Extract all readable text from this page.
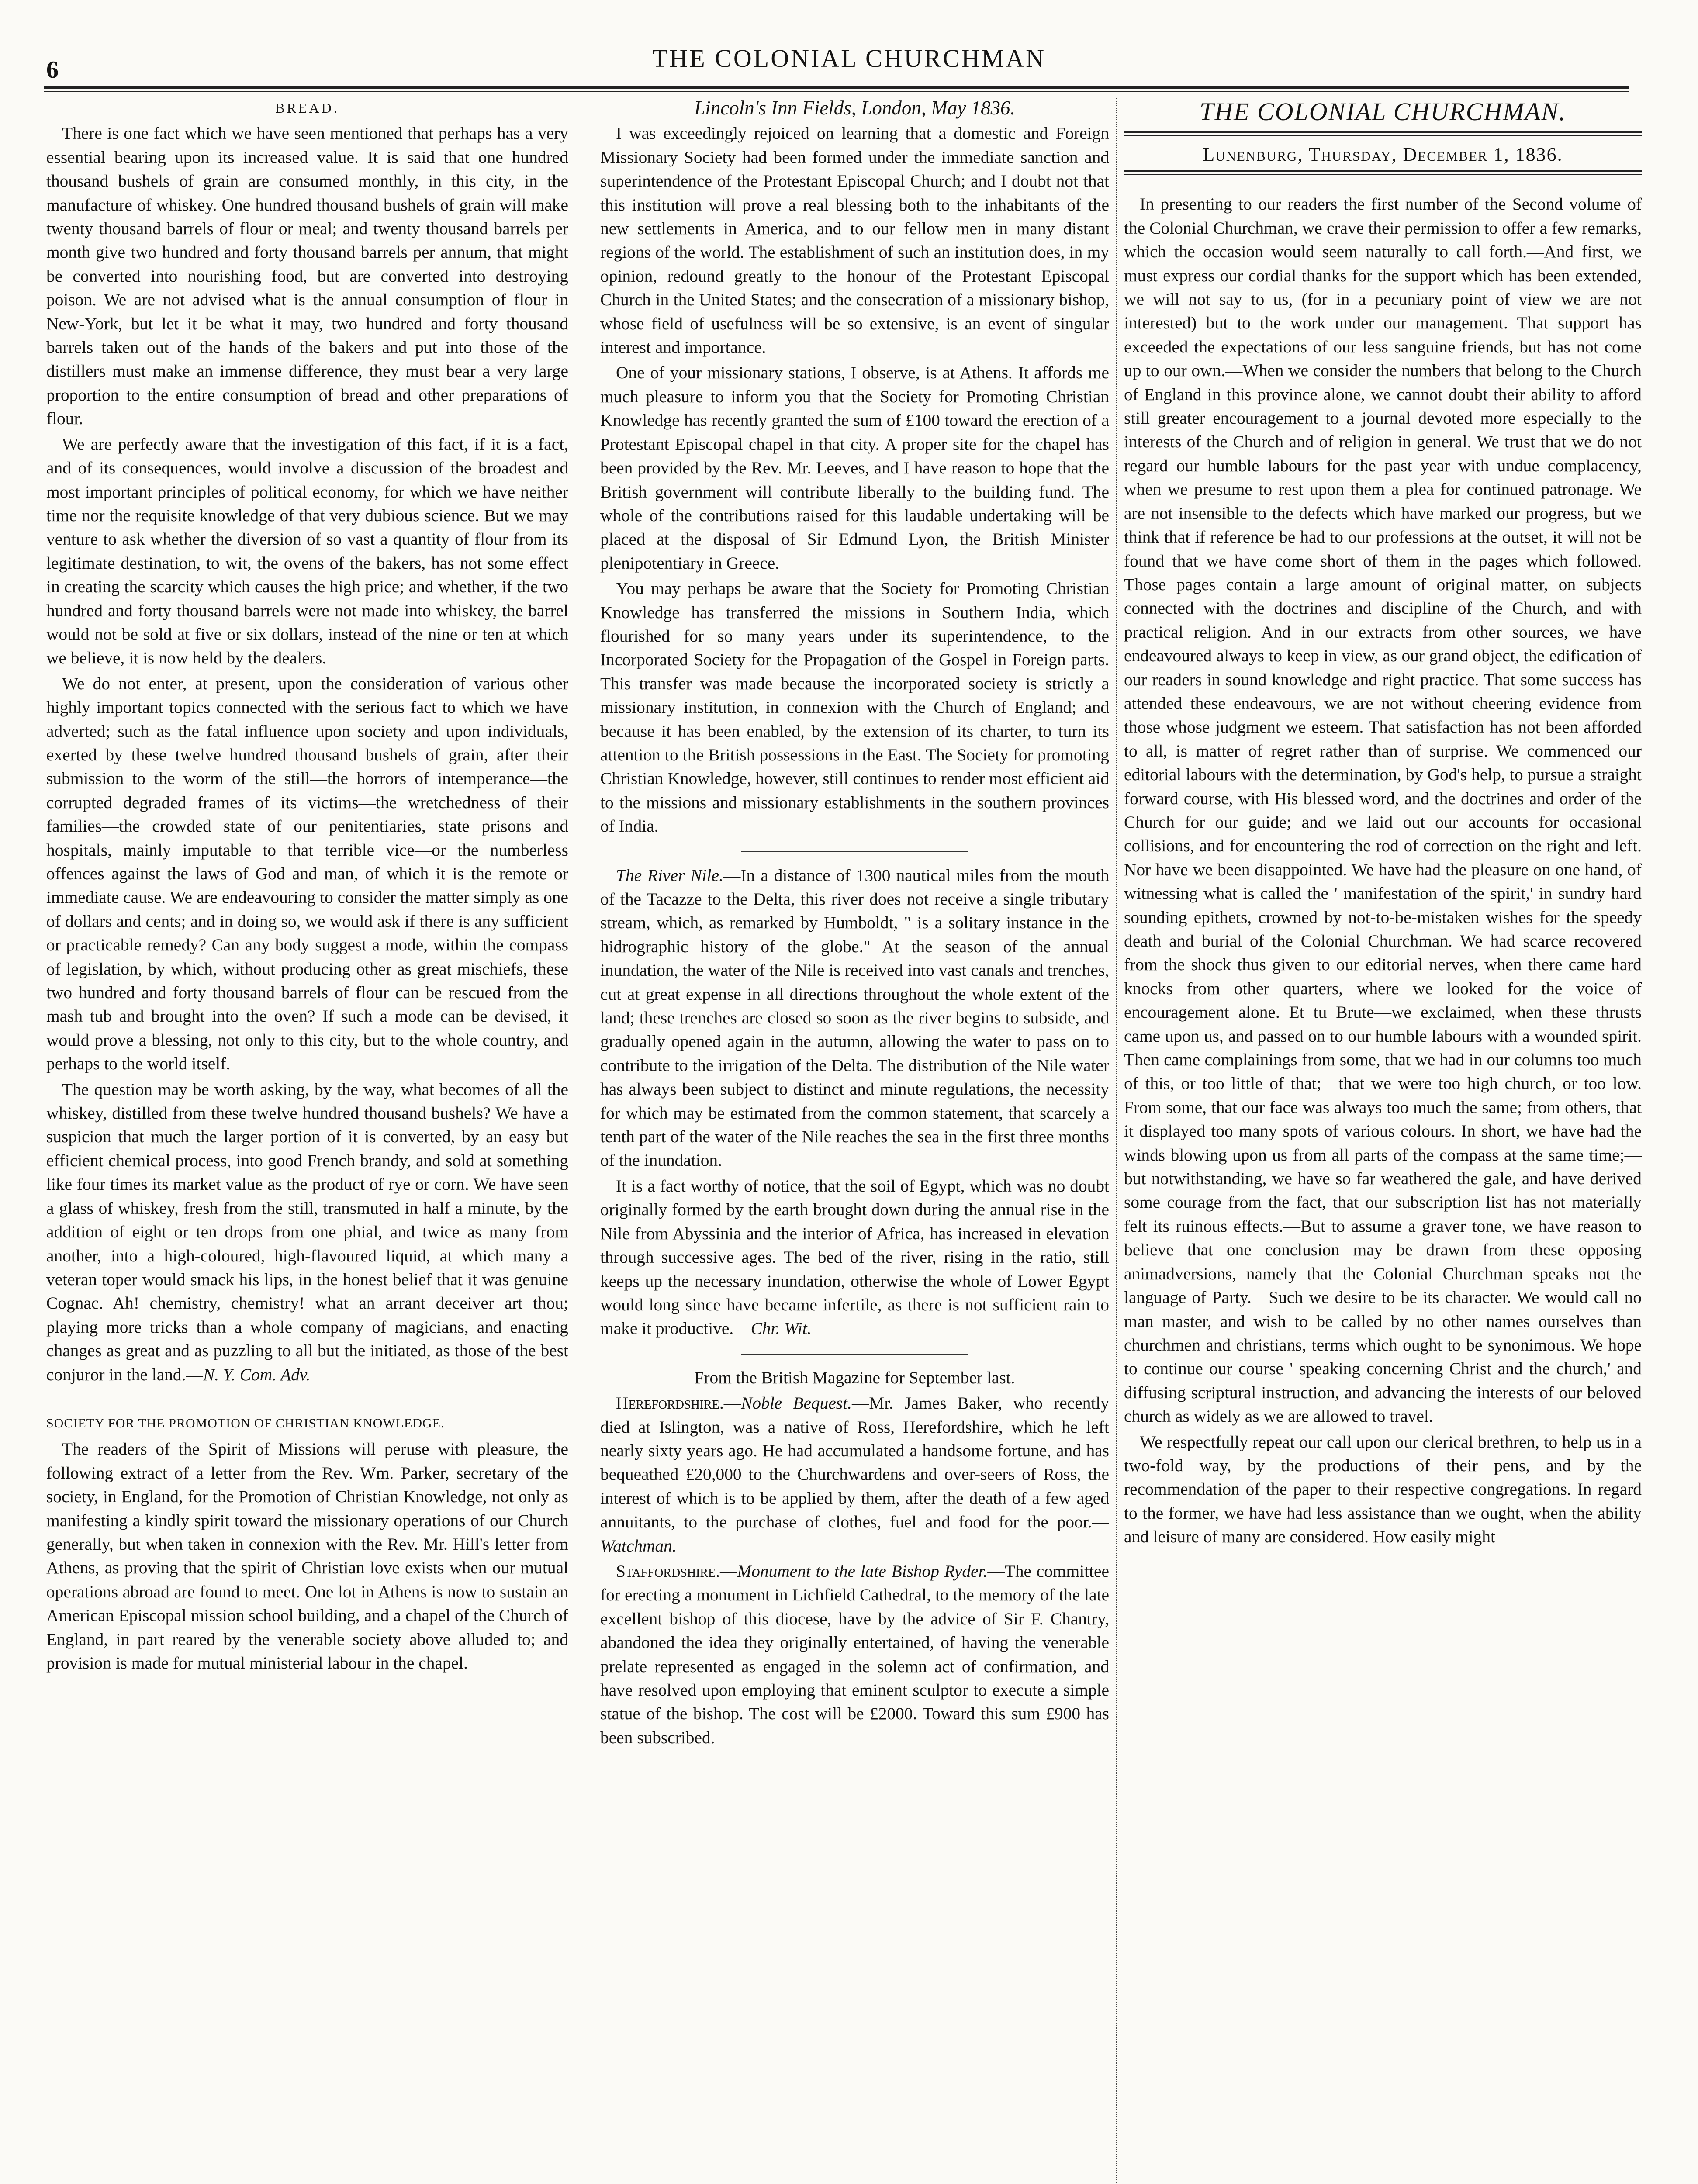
6	THE COLONIAL CHURCHMAN

BREAD.

There is one fact which we have seen mentioned that perhaps has a very essential bearing upon its increased value. It is said that one hundred thousand bushels of grain are consumed monthly, in this city, in the manufacture of whiskey. One hundred thousand bushels of grain will make twenty thousand barrels of flour or meal; and twenty thousand barrels per month give two hundred and forty thousand barrels per annum, that might be converted into nourishing food, but are converted into destroying poison. We are not advised what is the annual consumption of flour in New-York, but let it be what it may, two hundred and forty thousand barrels taken out of the hands of the bakers and put into those of the distillers must make an immense difference, they must bear a very large proportion to the entire consumption of bread and other preparations of flour.

We are perfectly aware that the investigation of this fact, if it is a fact, and of its consequences, would involve a discussion of the broadest and most important principles of political economy, for which we have neither time nor the requisite knowledge of that very dubious science. But we may venture to ask whether the diversion of so vast a quantity of flour from its legitimate destination, to wit, the ovens of the bakers, has not some effect in creating the scarcity which causes the high price; and whether, if the two hundred and forty thousand barrels were not made into whiskey, the barrel would not be sold at five or six dollars, instead of the nine or ten at which we believe, it is now held by the dealers.

We do not enter, at present, upon the consideration of various other highly important topics connected with the serious fact to which we have adverted; such as the fatal influence upon society and upon individuals, exerted by these twelve hundred thousand bushels of grain, after their submission to the worm of the still—the horrors of intemperance—the corrupted degraded frames of its victims—the wretchedness of their families—the crowded state of our penitentiaries, state prisons and hospitals, mainly imputable to that terrible vice—or the numberless offences against the laws of God and man, of which it is the remote or immediate cause. We are endeavouring to consider the matter simply as one of dollars and cents; and in doing so, we would ask if there is any sufficient or practicable remedy? Can any body suggest a mode, within the compass of legislation, by which, without producing other as great mischiefs, these two hundred and forty thousand barrels of flour can be rescued from the mash tub and brought into the oven? If such a mode can be devised, it would prove a blessing, not only to this city, but to the whole country, and perhaps to the world itself.

The question may be worth asking, by the way, what becomes of all the whiskey, distilled from these twelve hundred thousand bushels? We have a suspicion that much the larger portion of it is converted, by an easy but efficient chemical process, into good French brandy, and sold at something like four times its market value as the product of rye or corn. We have seen a glass of whiskey, fresh from the still, transmuted in half a minute, by the addition of eight or ten drops from one phial, and twice as many from another, into a high-coloured, high-flavoured liquid, at which many a veteran toper would smack his lips, in the honest belief that it was genuine Cognac. Ah! chemistry, chemistry! what an arrant deceiver art thou; playing more tricks than a whole company of magicians, and enacting changes as great and as puzzling to all but the initiated, as those of the best conjuror in the land.—N. Y. Com. Adv.

SOCIETY FOR THE PROMOTION OF CHRISTIAN KNOWLEDGE.

The readers of the Spirit of Missions will peruse with pleasure, the following extract of a letter from the Rev. Wm. Parker, secretary of the society, in England, for the Promotion of Christian Knowledge, not only as manifesting a kindly spirit toward the missionary operations of our Church generally, but when taken in connexion with the Rev. Mr. Hill's letter from Athens, as proving that the spirit of Christian love exists when our mutual operations abroad are found to meet. One lot in Athens is now to sustain an American Episcopal mission school building, and a chapel of the Church of England, in part reared by the venerable society above alluded to; and provision is made for mutual ministerial labour in the chapel.

Lincoln's Inn Fields, London, May 1836.

I was exceedingly rejoiced on learning that a domestic and Foreign Missionary Society had been formed under the immediate sanction and superintendence of the Protestant Episcopal Church; and I doubt not that this institution will prove a real blessing both to the inhabitants of the new settlements in America, and to our fellow men in many distant regions of the world. The establishment of such an institution does, in my opinion, redound greatly to the honour of the Protestant Episcopal Church in the United States; and the consecration of a missionary bishop, whose field of usefulness will be so extensive, is an event of singular interest and importance.

One of your missionary stations, I observe, is at Athens. It affords me much pleasure to inform you that the Society for Promoting Christian Knowledge has recently granted the sum of £100 toward the erection of a Protestant Episcopal chapel in that city. A proper site for the chapel has been provided by the Rev. Mr. Leeves, and I have reason to hope that the British government will contribute liberally to the building fund. The whole of the contributions raised for this laudable undertaking will be placed at the disposal of Sir Edmund Lyon, the British Minister plenipotentiary in Greece.

You may perhaps be aware that the Society for Promoting Christian Knowledge has transferred the missions in Southern India, which flourished for so many years under its superintendence, to the Incorporated Society for the Propagation of the Gospel in Foreign parts. This transfer was made because the incorporated society is strictly a missionary institution, in connexion with the Church of England; and because it has been enabled, by the extension of its charter, to turn its attention to the British possessions in the East. The Society for promoting Christian Knowledge, however, still continues to render most efficient aid to the missions and missionary establishments in the southern provinces of India.

The River Nile.—In a distance of 1300 nautical miles from the mouth of the Tacazze to the Delta, this river does not receive a single tributary stream, which, as remarked by Humboldt, " is a solitary instance in the hidrographic history of the globe." At the season of the annual inundation, the water of the Nile is received into vast canals and trenches, cut at great expense in all directions throughout the whole extent of the land; these trenches are closed so soon as the river begins to subside, and gradually opened again in the autumn, allowing the water to pass on to contribute to the irrigation of the Delta. The distribution of the Nile water has always been subject to distinct and minute regulations, the necessity for which may be estimated from the common statement, that scarcely a tenth part of the water of the Nile reaches the sea in the first three months of the inundation.

It is a fact worthy of notice, that the soil of Egypt, which was no doubt originally formed by the earth brought down during the annual rise in the Nile from Abyssinia and the interior of Africa, has increased in elevation through successive ages. The bed of the river, rising in the ratio, still keeps up the necessary inundation, otherwise the whole of Lower Egypt would long since have became infertile, as there is not sufficient rain to make it productive.—Chr. Wit.

From the British Magazine for September last.

Herefordshire.—Noble Bequest.—Mr. James Baker, who recently died at Islington, was a native of Ross, Herefordshire, which he left nearly sixty years ago. He had accumulated a handsome fortune, and has bequeathed £20,000 to the Churchwardens and over-seers of Ross, the interest of which is to be applied by them, after the death of a few aged annuitants, to the purchase of clothes, fuel and food for the poor.—Watchman.

Staffordshire.—Monument to the late Bishop Ryder.—The committee for erecting a monument in Lichfield Cathedral, to the memory of the late excellent bishop of this diocese, have by the advice of Sir F. Chantry, abandoned the idea they originally entertained, of having the venerable prelate represented as engaged in the solemn act of confirmation, and have resolved upon employing that eminent sculptor to execute a simple statue of the bishop. The cost will be £2000. Toward this sum £900 has been subscribed.

THE COLONIAL CHURCHMAN.
Lunenburg, Thursday, December 1, 1836.

In presenting to our readers the first number of the Second volume of the Colonial Churchman, we crave their permission to offer a few remarks, which the occasion would seem naturally to call forth.—And first, we must express our cordial thanks for the support which has been extended, we will not say to us, (for in a pecuniary point of view we are not interested) but to the work under our management. That support has exceeded the expectations of our less sanguine friends, but has not come up to our own.—When we consider the numbers that belong to the Church of England in this province alone, we cannot doubt their ability to afford still greater encouragement to a journal devoted more especially to the interests of the Church and of religion in general. We trust that we do not regard our humble labours for the past year with undue complacency, when we presume to rest upon them a plea for continued patronage. We are not insensible to the defects which have marked our progress, but we think that if reference be had to our professions at the outset, it will not be found that we have come short of them in the pages which followed. Those pages contain a large amount of original matter, on subjects connected with the doctrines and discipline of the Church, and with practical religion. And in our extracts from other sources, we have endeavoured always to keep in view, as our grand object, the edification of our readers in sound knowledge and right practice. That some success has attended these endeavours, we are not without cheering evidence from those whose judgment we esteem. That satisfaction has not been afforded to all, is matter of regret rather than of surprise. We commenced our editorial labours with the determination, by God's help, to pursue a straight forward course, with His blessed word, and the doctrines and order of the Church for our guide; and we laid out our accounts for occasional collisions, and for encountering the rod of correction on the right and left. Nor have we been disappointed. We have had the pleasure on one hand, of witnessing what is called the ' manifestation of the spirit,' in sundry hard sounding epithets, crowned by not-to-be-mistaken wishes for the speedy death and burial of the Colonial Churchman. We had scarce recovered from the shock thus given to our editorial nerves, when there came hard knocks from other quarters, where we looked for the voice of encouragement alone. Et tu Brute—we exclaimed, when these thrusts came upon us, and passed on to our humble labours with a wounded spirit. Then came complainings from some, that we had in our columns too much of this, or too little of that;—that we were too high church, or too low. From some, that our face was always too much the same; from others, that it displayed too many spots of various colours. In short, we have had the winds blowing upon us from all parts of the compass at the same time;—but notwithstanding, we have so far weathered the gale, and have derived some courage from the fact, that our subscription list has not materially felt its ruinous effects.—But to assume a graver tone, we have reason to believe that one conclusion may be drawn from these opposing animadversions, namely that the Colonial Churchman speaks not the language of Party.—Such we desire to be its character. We would call no man master, and wish to be called by no other names ourselves than churchmen and christians, terms which ought to be synonimous. We hope to continue our course ' speaking concerning Christ and the church,' and diffusing scriptural instruction, and advancing the interests of our beloved church as widely as we are allowed to travel.

We respectfully repeat our call upon our clerical brethren, to help us in a two-fold way, by the productions of their pens, and by the recommendation of the paper to their respective congregations. In regard to the former, we have had less assistance than we ought, when the ability and leisure of many are considered. How easily might
